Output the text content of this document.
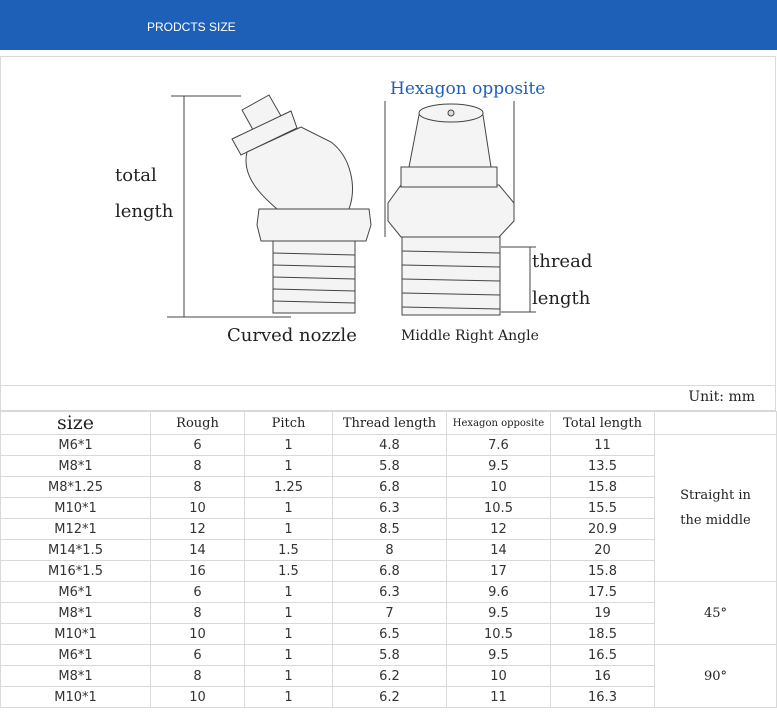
PRODCTS SIZE
Hexagon opposite
total
length
thread
length
Curved nozzle	Middle Right Angle
Unit: mm
size	Rough	Pitch	Thread length	Hexagon opposite	Total length	
M6*1	6	1	4.8	7.6	11	Straight in the middle
M8*1	8	1	5.8	9.5	13.5	
M8*1.25	8	1.25	6.8	10	15.8	
M10*1	10	1	6.3	10.5	15.5	
M12*1	12	1	8.5	12	20.9	
M14*1.5	14	1.5	8	14	20	
M16*1.5	16	1.5	6.8	17	15.8	
M6*1	6	1	6.3	9.6	17.5	45°
M8*1	8	1	7	9.5	19	
M10*1	10	1	6.5	10.5	18.5	
M6*1	6	1	5.8	9.5	16.5	90°
M8*1	8	1	6.2	10	16	
M10*1	10	1	6.2	11	16.3	
